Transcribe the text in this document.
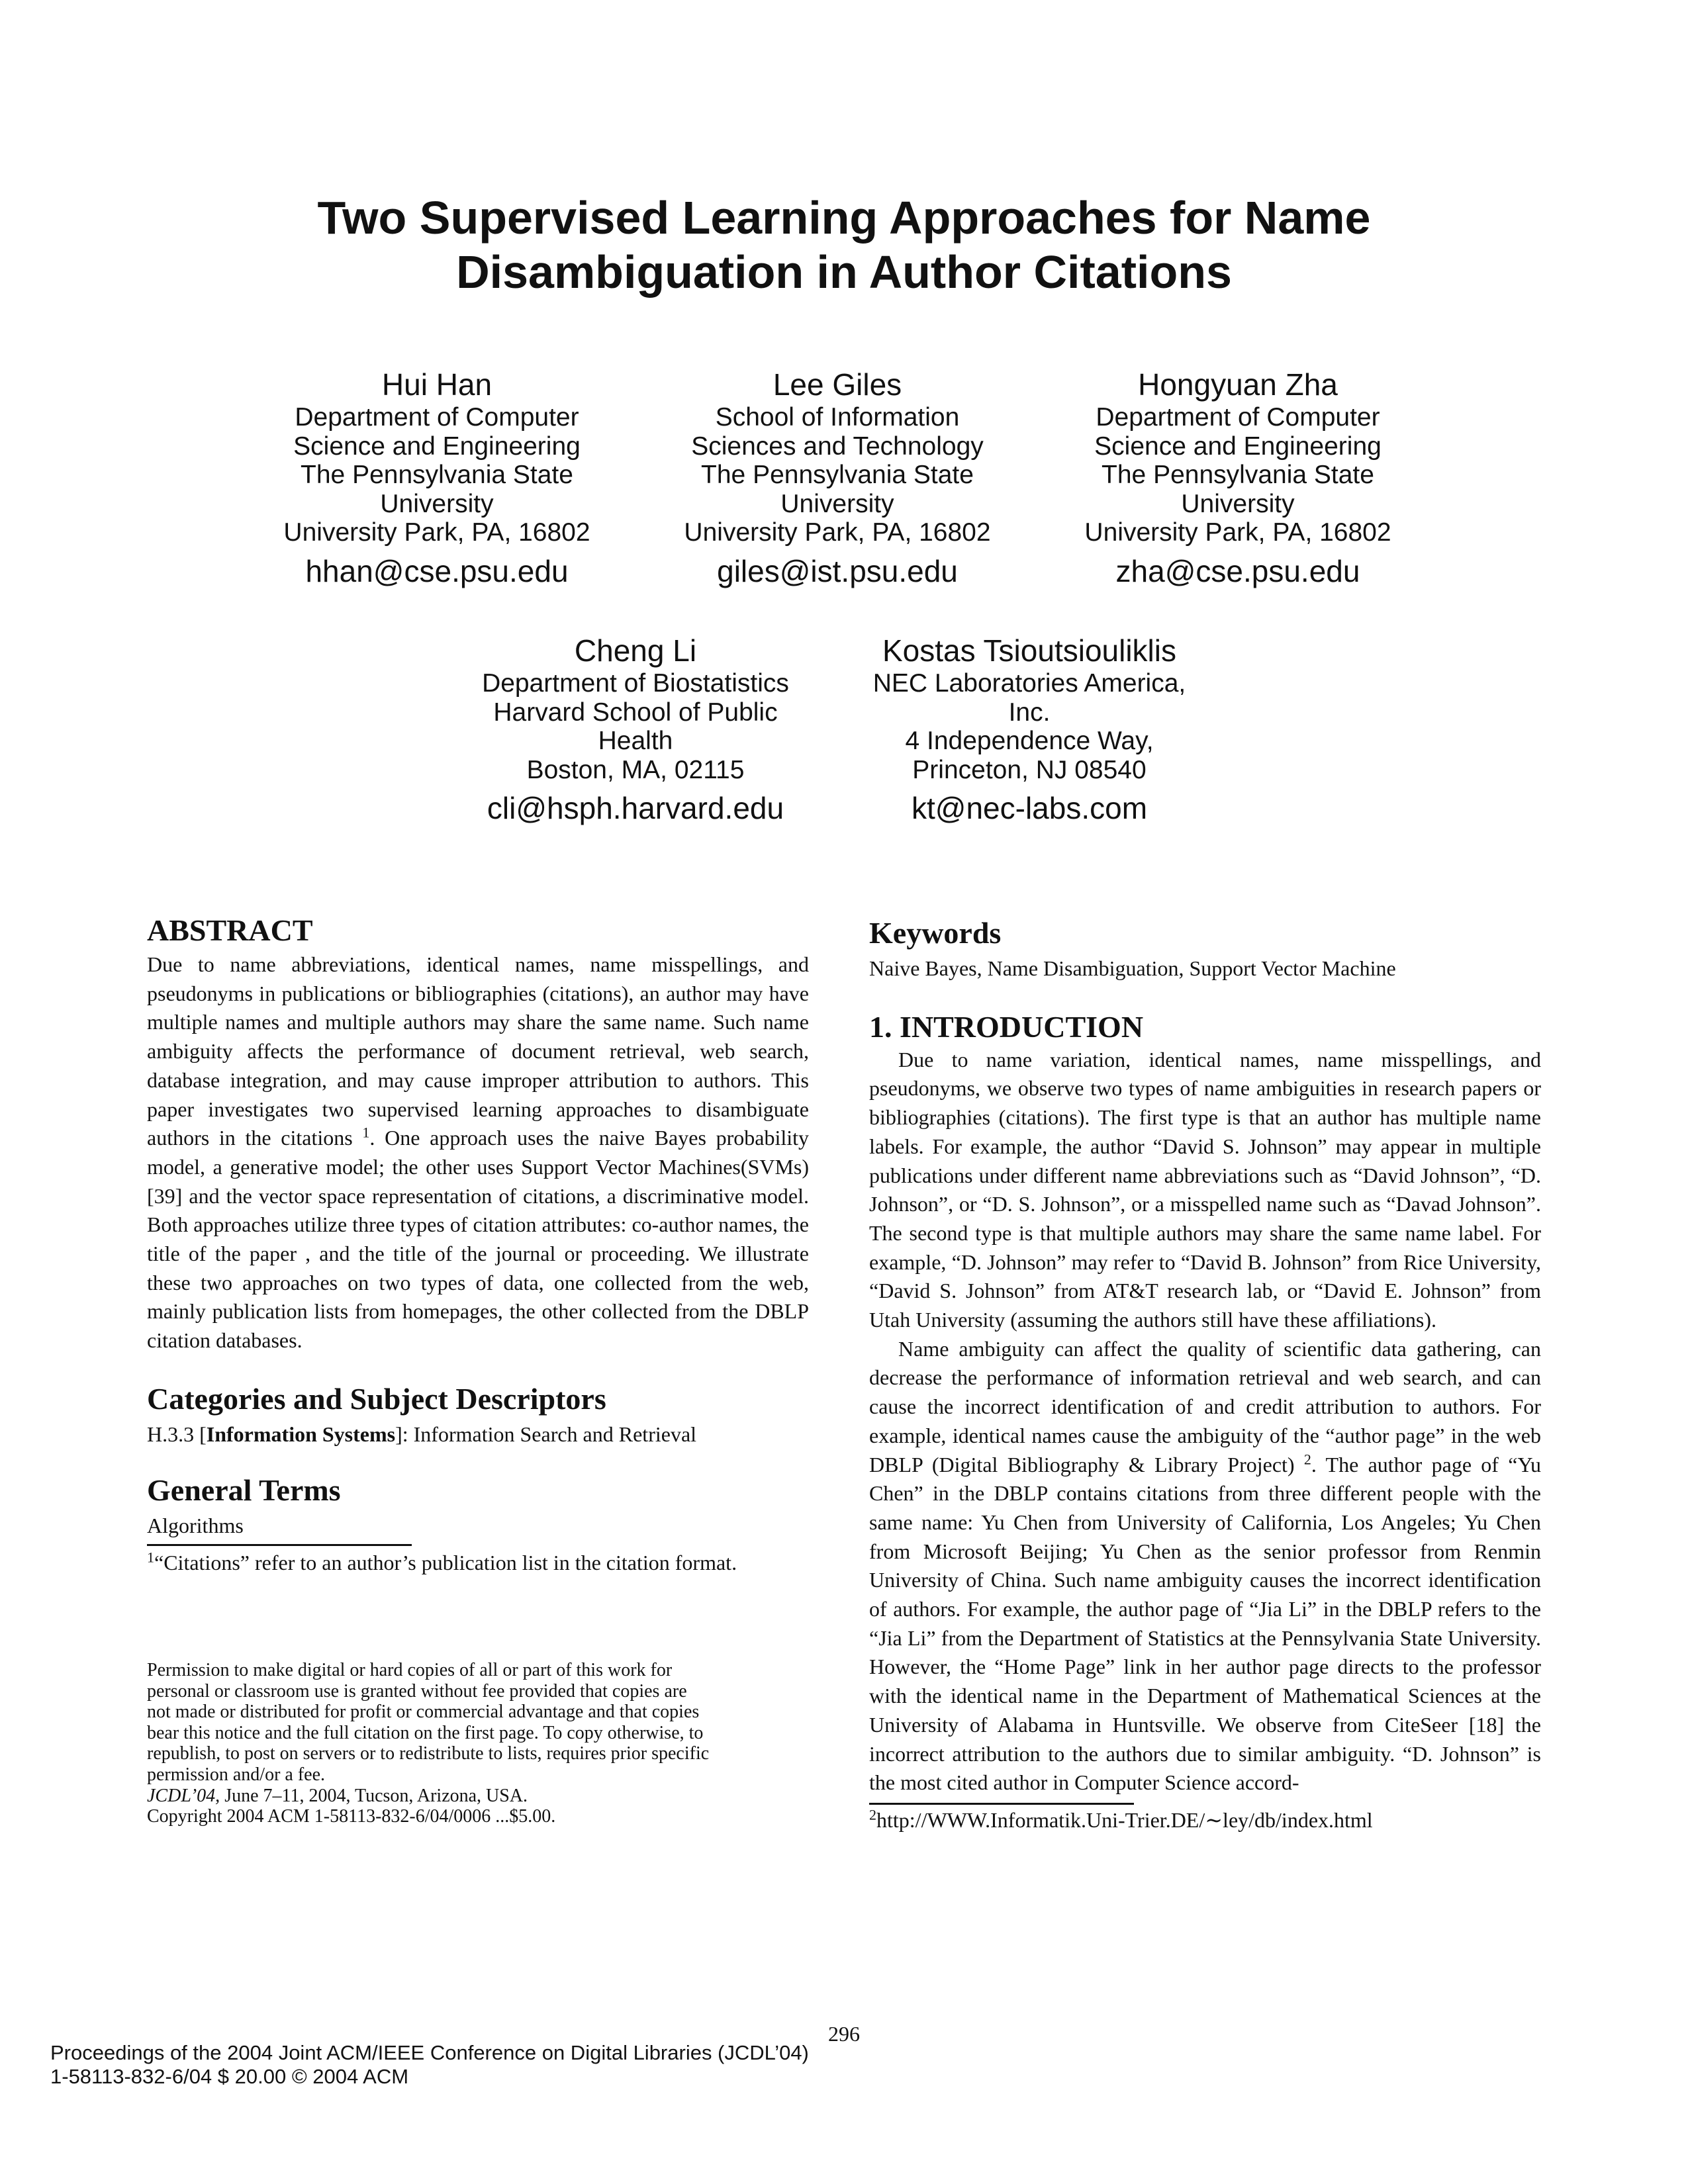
Two Supervised Learning Approaches for Name
Disambiguation in Author Citations
Hui Han
Department of Computer
Science and Engineering
The Pennsylvania State
University
University Park, PA, 16802
hhan@cse.psu.edu
Lee Giles
School of Information
Sciences and Technology
The Pennsylvania State
University
University Park, PA, 16802
giles@ist.psu.edu
Hongyuan Zha
Department of Computer
Science and Engineering
The Pennsylvania State
University
University Park, PA, 16802
zha@cse.psu.edu
Cheng Li
Department of Biostatistics
Harvard School of Public
Health
Boston, MA, 02115
cli@hsph.harvard.edu
Kostas Tsioutsiouliklis
NEC Laboratories America,
Inc.
4 Independence Way,
Princeton, NJ 08540
kt@nec-labs.com
ABSTRACT

Due to name abbreviations, identical names, name misspellings, and pseudonyms in publications or bibliographies (citations), an author may have multiple names and multiple authors may share the same name. Such name ambiguity affects the performance of document retrieval, web search, database integration, and may cause improper attribution to authors. This paper investigates two supervised learning approaches to disambiguate authors in the citations $^1$. One approach uses the naive Bayes probability model, a generative model; the other uses Support Vector Machines(SVMs) [39] and the vector space representation of citations, a discriminative model. Both approaches utilize three types of citation attributes: co-author names, the title of the paper , and the title of the journal or proceeding. We illustrate these two approaches on two types of data, one collected from the web, mainly publication lists from homepages, the other collected from the DBLP citation databases.

Categories and Subject Descriptors

H.3.3 [Information Systems]: Information Search and Retrieval

General Terms

Algorithms

$^1$“Citations” refer to an author’s publication list in the citation format.

Permission to make digital or hard copies of all or part of this work for
personal or classroom use is granted without fee provided that copies are
not made or distributed for profit or commercial advantage and that copies
bear this notice and the full citation on the first page. To copy otherwise, to
republish, to post on servers or to redistribute to lists, requires prior specific
permission and/or a fee.
JCDL’04, June 7–11, 2004, Tucson, Arizona, USA.
Copyright 2004 ACM 1-58113-832-6/04/0006 ...$5.00.
Keywords

Naive Bayes, Name Disambiguation, Support Vector Machine

1. INTRODUCTION

Due to name variation, identical names, name misspellings, and pseudonyms, we observe two types of name ambiguities in research papers or bibliographies (citations). The first type is that an author has multiple name labels. For example, the author “David S. Johnson” may appear in multiple publications under different name abbreviations such as “David Johnson”, “D. Johnson”, or “D. S. Johnson”, or a misspelled name such as “Davad Johnson”. The second type is that multiple authors may share the same name label. For example, “D. Johnson” may refer to “David B. Johnson” from Rice University, “David S. Johnson” from AT&T research lab, or “David E. Johnson” from Utah University (assuming the authors still have these affiliations).

Name ambiguity can affect the quality of scientific data gathering, can decrease the performance of information retrieval and web search, and can cause the incorrect identification of and credit attribution to authors. For example, identical names cause the ambiguity of the “author page” in the web DBLP (Digital Bibliography & Library Project) $^2$. The author page of “Yu Chen” in the DBLP contains citations from three different people with the same name: Yu Chen from University of California, Los Angeles; Yu Chen from Microsoft Beijing; Yu Chen as the senior professor from Renmin University of China. Such name ambiguity causes the incorrect identification of authors. For example, the author page of “Jia Li” in the DBLP refers to the “Jia Li” from the Department of Statistics at the Pennsylvania State University. However, the “Home Page” link in her author page directs to the professor with the identical name in the Department of Mathematical Sciences at the University of Alabama in Huntsville. We observe from CiteSeer [18] the incorrect attribution to the authors due to similar ambiguity. “D. Johnson” is the most cited author in Computer Science accord-

$^2$http://WWW.Informatik.Uni-Trier.DE/∼ley/db/index.html

296
Proceedings of the 2004 Joint ACM/IEEE Conference on Digital Libraries (JCDL’04)
1-58113-832-6/04 $ 20.00 © 2004 ACM
